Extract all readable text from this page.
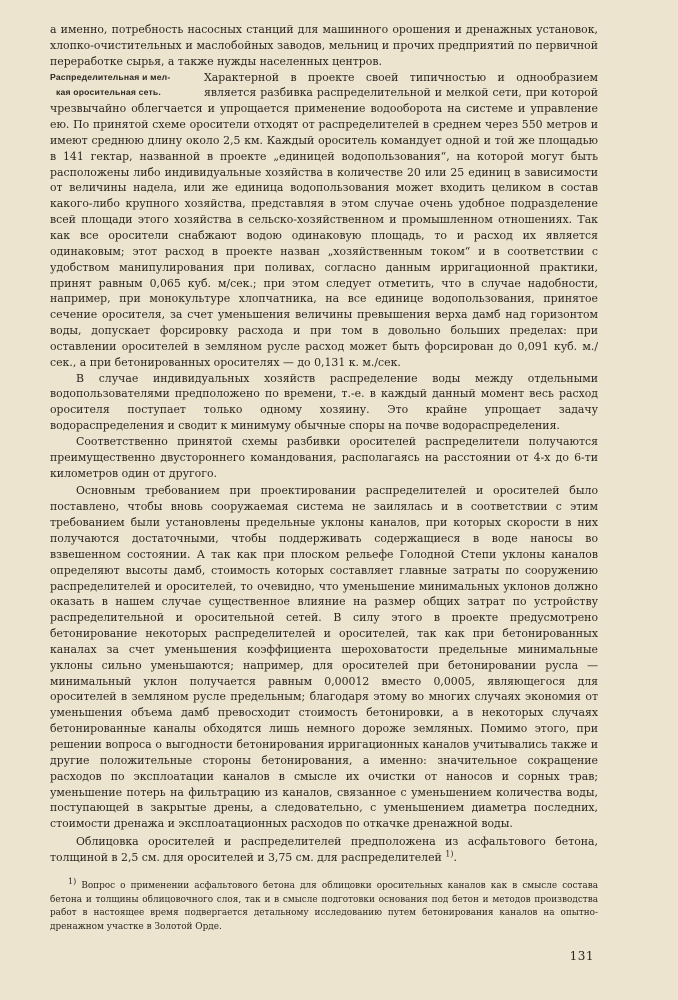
а именно, потребность насосных станций для машинного орошения и дренажных установок, хлопко-очистительных и маслобойных заводов, мельниц и прочих предприятий по первичной переработке сырья, а также нужды населенных центров.

Распределительная и мел-
кая оросительная сеть.

Характерной в проекте своей типичностью и однообразием является разбивка распределительной и мелкой сети, при которой чрезвычайно облегчается и упрощается применение водооборота на системе и управление ею. По принятой схеме оросители отходят от распределителей в среднем через 550 метров и имеют среднюю длину около 2,5 км. Каждый ороситель командует одной и той же площадью в 141 гектар, названной в проекте „единицей водопользования“, на которой могут быть расположены либо индивидуальные хозяйства в количестве 20 или 25 единиц в зависимости от величины надела, или же единица водопользования может входить целиком в состав какого-либо крупного хозяйства, представляя в этом случае очень удобное подразделение всей площади этого хозяйства в сельско-хозяйственном и промышленном отношениях. Так как все оросители снабжают водою одинаковую площадь, то и расход их является одинаковым; этот расход в проекте назван „хозяйственным током“ и в соответствии с удобством манипулирования при поливах, согласно данным ирригационной практики, принят равным 0,065 куб. м/сек.; при этом следует отметить, что в случае надобности, например, при монокультуре хлопчатника, на все единице водопользования, принятое сечение оросителя, за счет уменьшения величины превышения верха дамб над горизонтом воды, допускает форсировку расхода и при том в довольно больших пределах: при оставлении оросителей в земляном русле расход может быть форсирован до 0,091 куб. м./сек., а при бетонированных оросителях — до 0,131 к. м./сек.

В случае индивидуальных хозяйств распределение воды между отдельными водопользователями предположено по времени, т.-е. в каждый данный момент весь расход оросителя поступает только одному хозяину. Это крайне упрощает задачу водораспределения и сводит к минимуму обычные споры на почве водораспределения.

Соответственно принятой схемы разбивки оросителей распределители получаются преимущественно двустороннего командования, располагаясь на расстоянии от 4-х до 6-ти километров один от другого.

Основным требованием при проектировании распределителей и оросителей было поставлено, чтобы вновь сооружаемая система не заилялась и в соответствии с этим требованием были установлены предельные уклоны каналов, при которых скорости в них получаются достаточными, чтобы поддерживать содержащиеся в воде наносы во взвешенном состоянии. А так как при плоском рельефе Голодной Степи уклоны каналов определяют высоты дамб, стоимость которых составляет главные затраты по сооружению распределителей и оросителей, то очевидно, что уменьшение минимальных уклонов должно оказать в нашем случае существенное влияние на размер общих затрат по устройству распределительной и оросительной сетей. В силу этого в проекте предусмотрено бетонирование некоторых распределителей и оросителей, так как при бетонированных каналах за счет уменьшения коэффициента шероховатости предельные минимальные уклоны сильно уменьшаются; например, для оросителей при бетонировании русла — минимальный уклон получается равным 0,00012 вместо 0,0005, являющегося для оросителей в земляном русле предельным; благодаря этому во многих случаях экономия от уменьшения объема дамб превосходит стоимость бетонировки, а в некоторых случаях бетонированные каналы обходятся лишь немного дороже земляных. Помимо этого, при решении вопроса о выгодности бетонирования ирригационных каналов учитывались также и другие положительные стороны бетонирования, а именно: значительное сокращение расходов по эксплоатации каналов в смысле их очистки от наносов и сорных трав; уменьшение потерь на фильтрацию из каналов, связанное с уменьшением количества воды, поступающей в закрытые дрены, а следовательно, с уменьшением диаметра последних, стоимости дренажа и эксплоатационных расходов по откачке дренажной воды.

Облицовка оросителей и распределителей предположена из асфальтового бетона, толщиной в 2,5 см. для оросителей и 3,75 см. для распределителей $^{1)}$.

1) Вопрос о применении асфальтового бетона для облицовки оросительных каналов как в смысле состава бетона и толщины облицовочного слоя, так и в смысле подготовки основания под бетон и методов производства работ в настоящее время подвергается детальному исследованию путем бетонирования каналов на опытно-дренажном участке в Золотой Орде.

131
